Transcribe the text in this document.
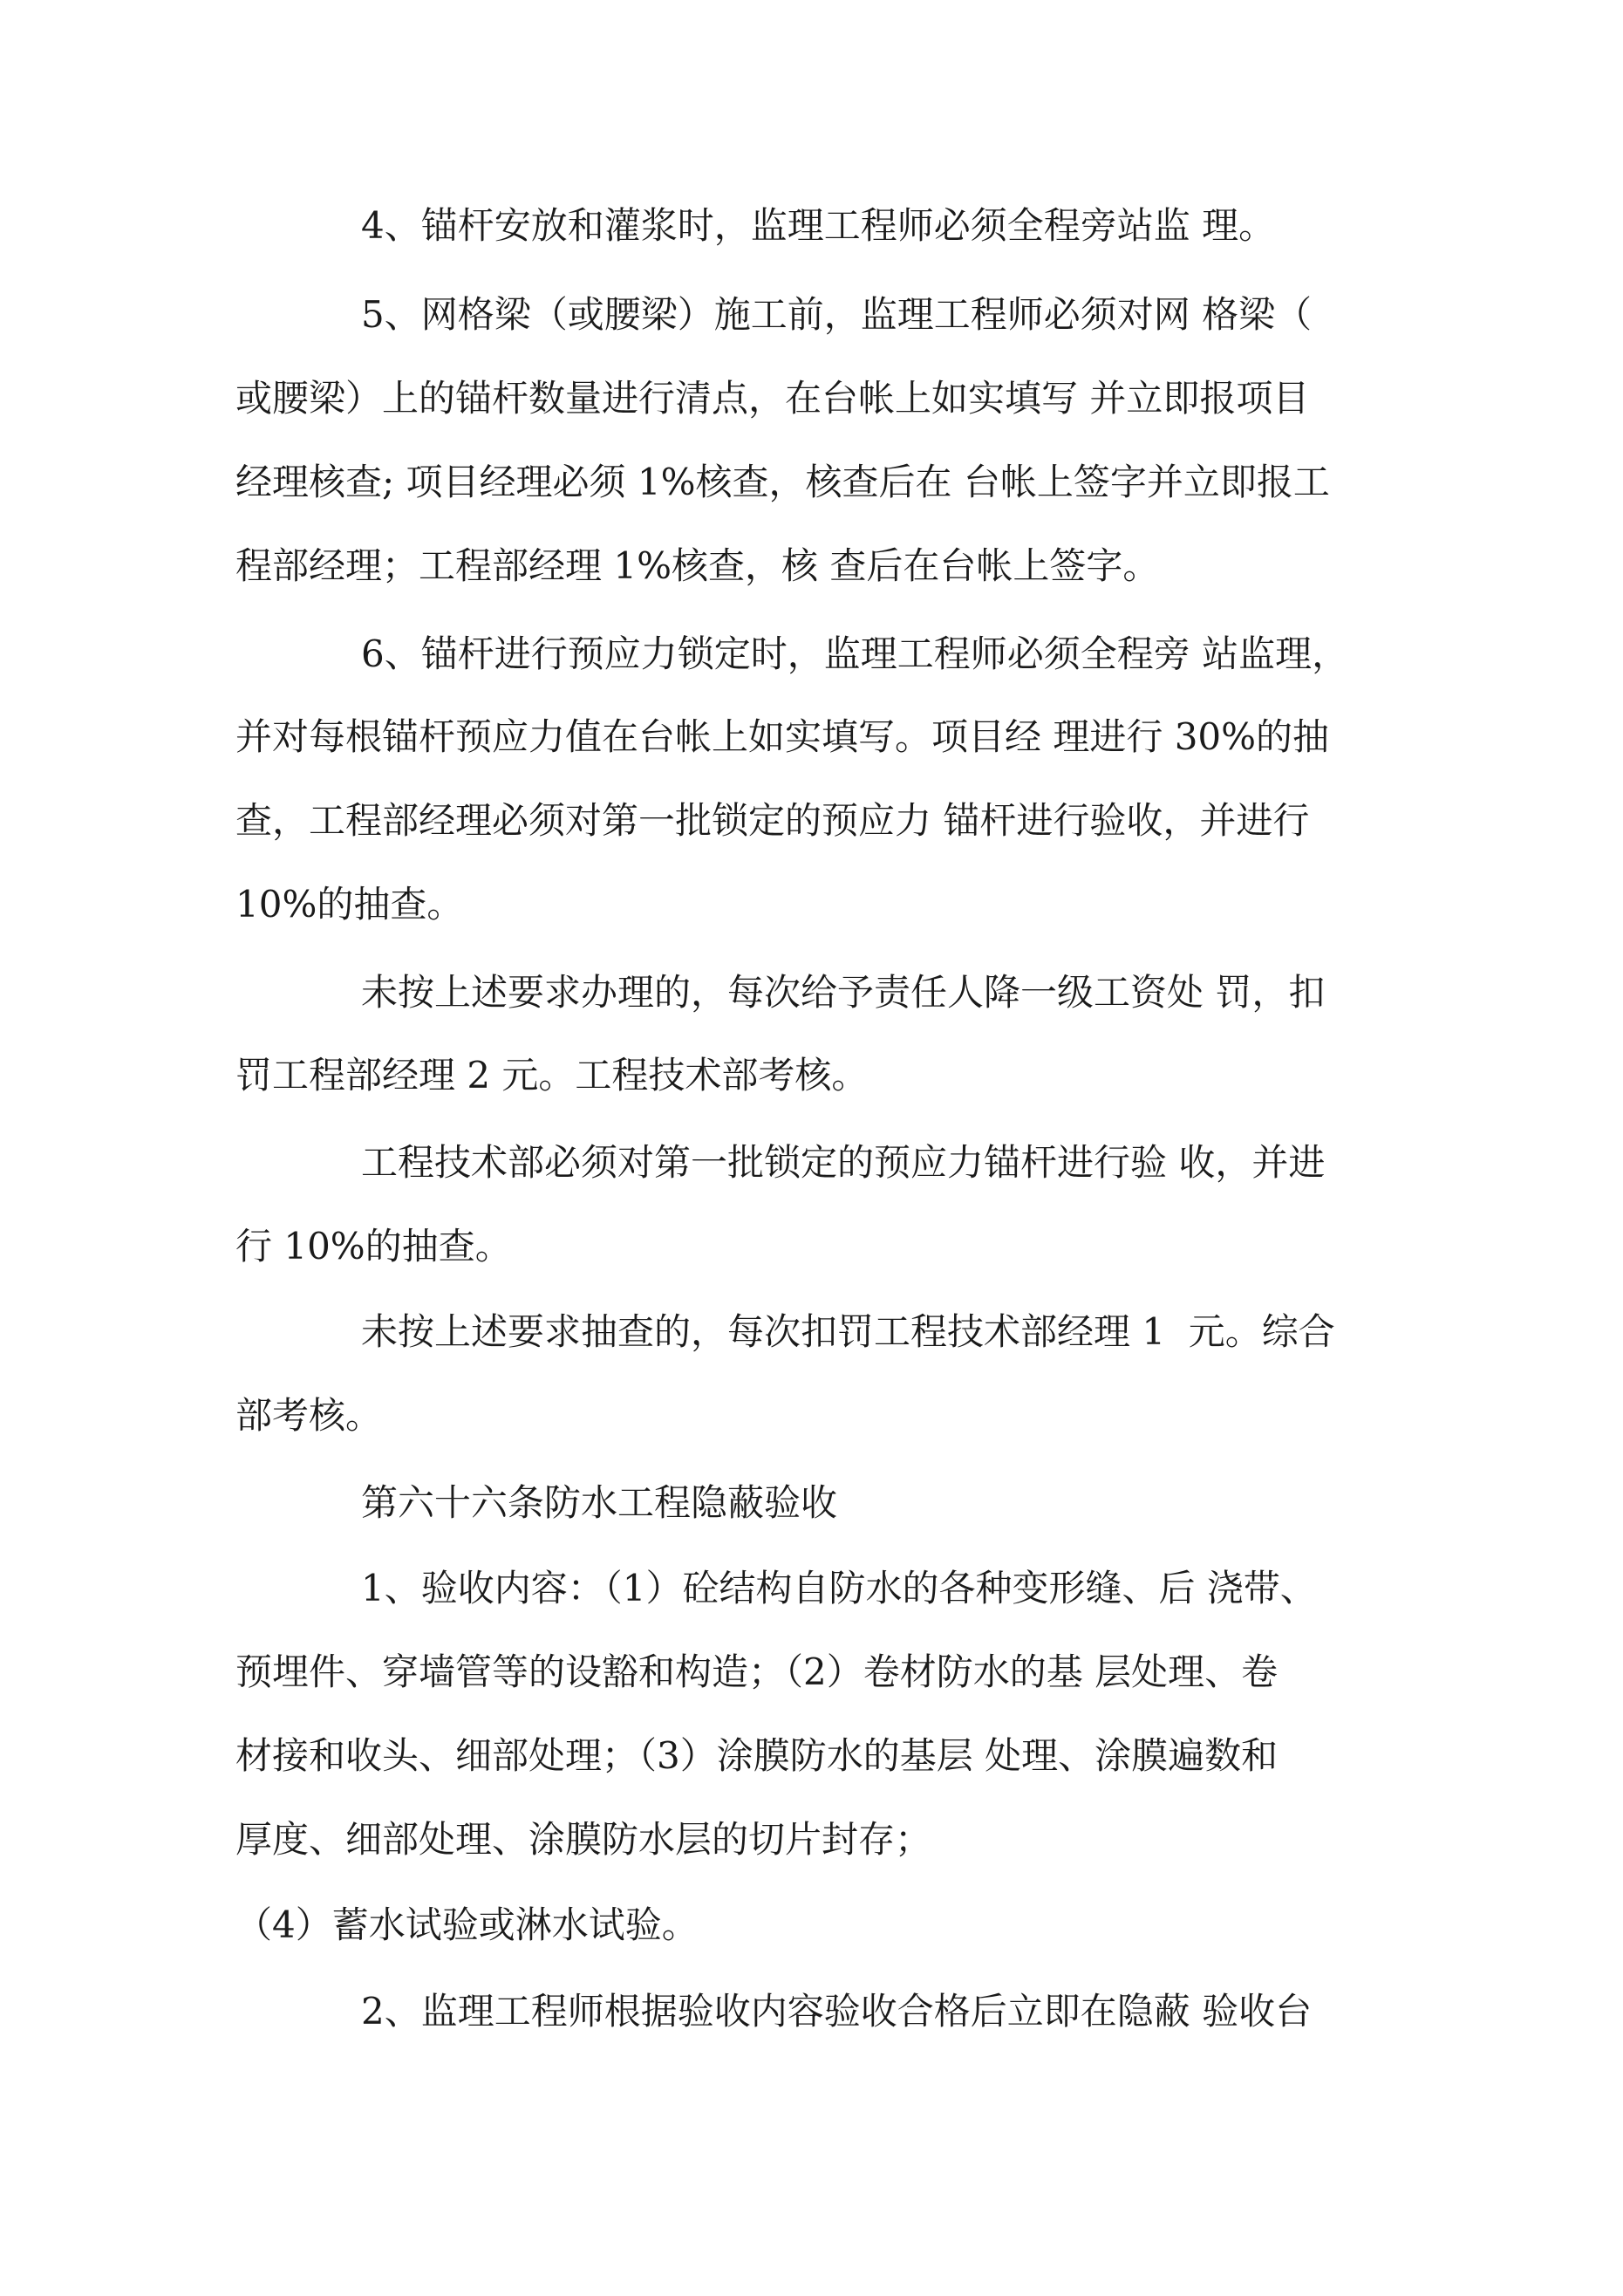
4、锚杆安放和灌浆时，监理工程师必须全程旁站监 理。
5、网格梁（或腰梁）施工前，监理工程师必须对网 格梁（
或腰梁）上的锚杆数量进行清点，在台帐上如实填写 并立即报项目
经理核查; 项目经理必须 1%核查，核查后在 台帐上签字并立即报工
程部经理；工程部经理 1%核查，核 查后在台帐上签字。
6、锚杆进行预应力锁定时，监理工程师必须全程旁 站监理，
并对每根锚杆预应力值在台帐上如实填写。项目经 理进行 30%的抽
查，工程部经理必须对第一批锁定的预应力 锚杆进行验收，并进行
10%的抽查。
未按上述要求办理的，每次给予责任人降一级工资处 罚，扣
罚工程部经理 2 元。工程技术部考核。
工程技术部必须对第一批锁定的预应力锚杆进行验 收，并进
行 10%的抽查。
未按上述要求抽查的，每次扣罚工程技术部经理 1  元。综合
部考核。
第六十六条防水工程隐蔽验收
1、验收内容：（1）砼结构自防水的各种变形缝、后 浇带、
预埋件、穿墙管等的设豁和构造；（2）卷材防水的基 层处理、卷
材接和收头、细部处理；（3）涂膜防水的基层 处理、涂膜遍数和
厚度、细部处理、涂膜防水层的切片封存；
（4）蓄水试验或淋水试验。
2、监理工程师根据验收内容验收合格后立即在隐蔽 验收台
